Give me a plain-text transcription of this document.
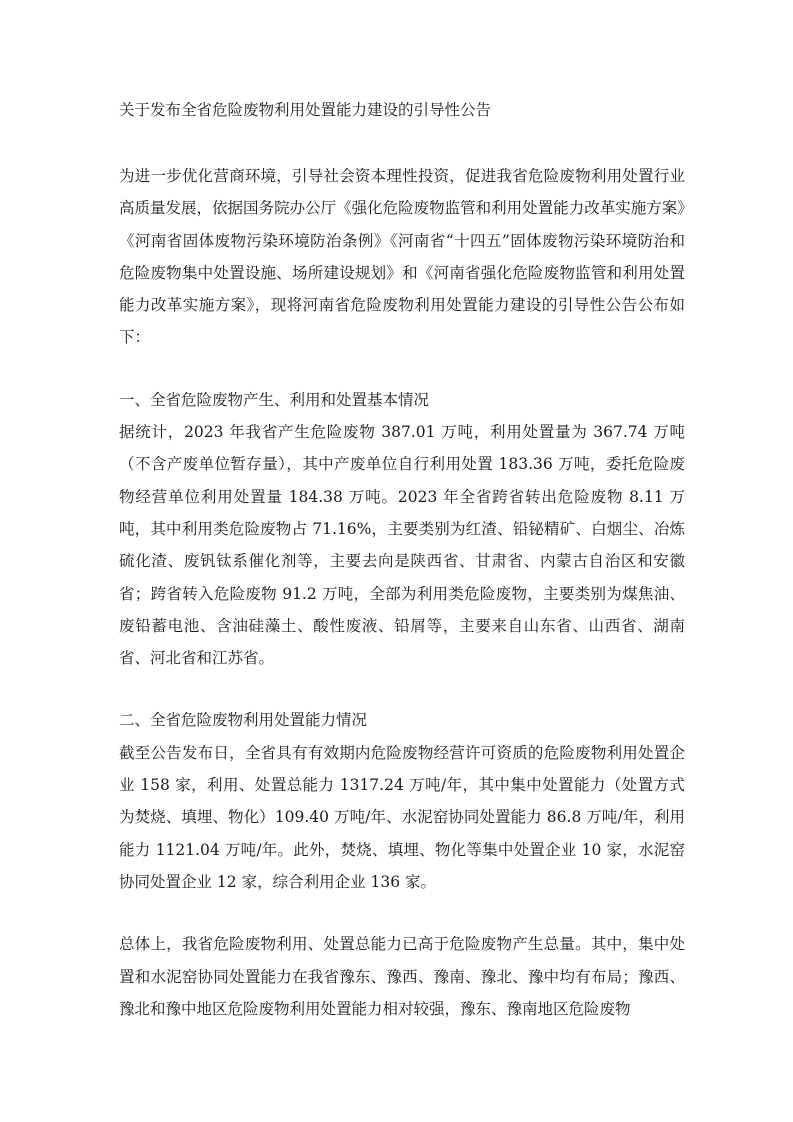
关于发布全省危险废物利用处置能力建设的引导性公告

为进一步优化营商环境，引导社会资本理性投资，促进我省危险废物利用处置行业高质量发展，依据国务院办公厅《强化危险废物监管和利用处置能力改革实施方案》《河南省固体废物污染环境防治条例》《河南省“十四五”固体废物污染环境防治和危险废物集中处置设施、场所建设规划》和《河南省强化危险废物监管和利用处置能力改革实施方案》，现将河南省危险废物利用处置能力建设的引导性公告公布如下：

一、全省危险废物产生、利用和处置基本情况

据统计，2023 年我省产生危险废物 387.01 万吨，利用处置量为 367.74 万吨（不含产废单位暂存量），其中产废单位自行利用处置 183.36 万吨，委托危险废物经营单位利用处置量 184.38 万吨。2023 年全省跨省转出危险废物 8.11 万吨，其中利用类危险废物占 71.16%，主要类别为红渣、铅铋精矿、白烟尘、冶炼硫化渣、废钒钛系催化剂等，主要去向是陕西省、甘肃省、内蒙古自治区和安徽省；跨省转入危险废物 91.2 万吨，全部为利用类危险废物，主要类别为煤焦油、废铅蓄电池、含油硅藻土、酸性废液、铅屑等，主要来自山东省、山西省、湖南省、河北省和江苏省。

二、全省危险废物利用处置能力情况

截至公告发布日，全省具有有效期内危险废物经营许可资质的危险废物利用处置企业 158 家，利用、处置总能力 1317.24 万吨/年，其中集中处置能力（处置方式为焚烧、填埋、物化）109.40 万吨/年、水泥窑协同处置能力 86.8 万吨/年，利用能力 1121.04 万吨/年。此外，焚烧、填埋、物化等集中处置企业 10 家，水泥窑协同处置企业 12 家，综合利用企业 136 家。

总体上，我省危险废物利用、处置总能力已高于危险废物产生总量。其中，集中处置和水泥窑协同处置能力在我省豫东、豫西、豫南、豫北、豫中均有布局；豫西、豫北和豫中地区危险废物利用处置能力相对较强，豫东、豫南地区危险废物
